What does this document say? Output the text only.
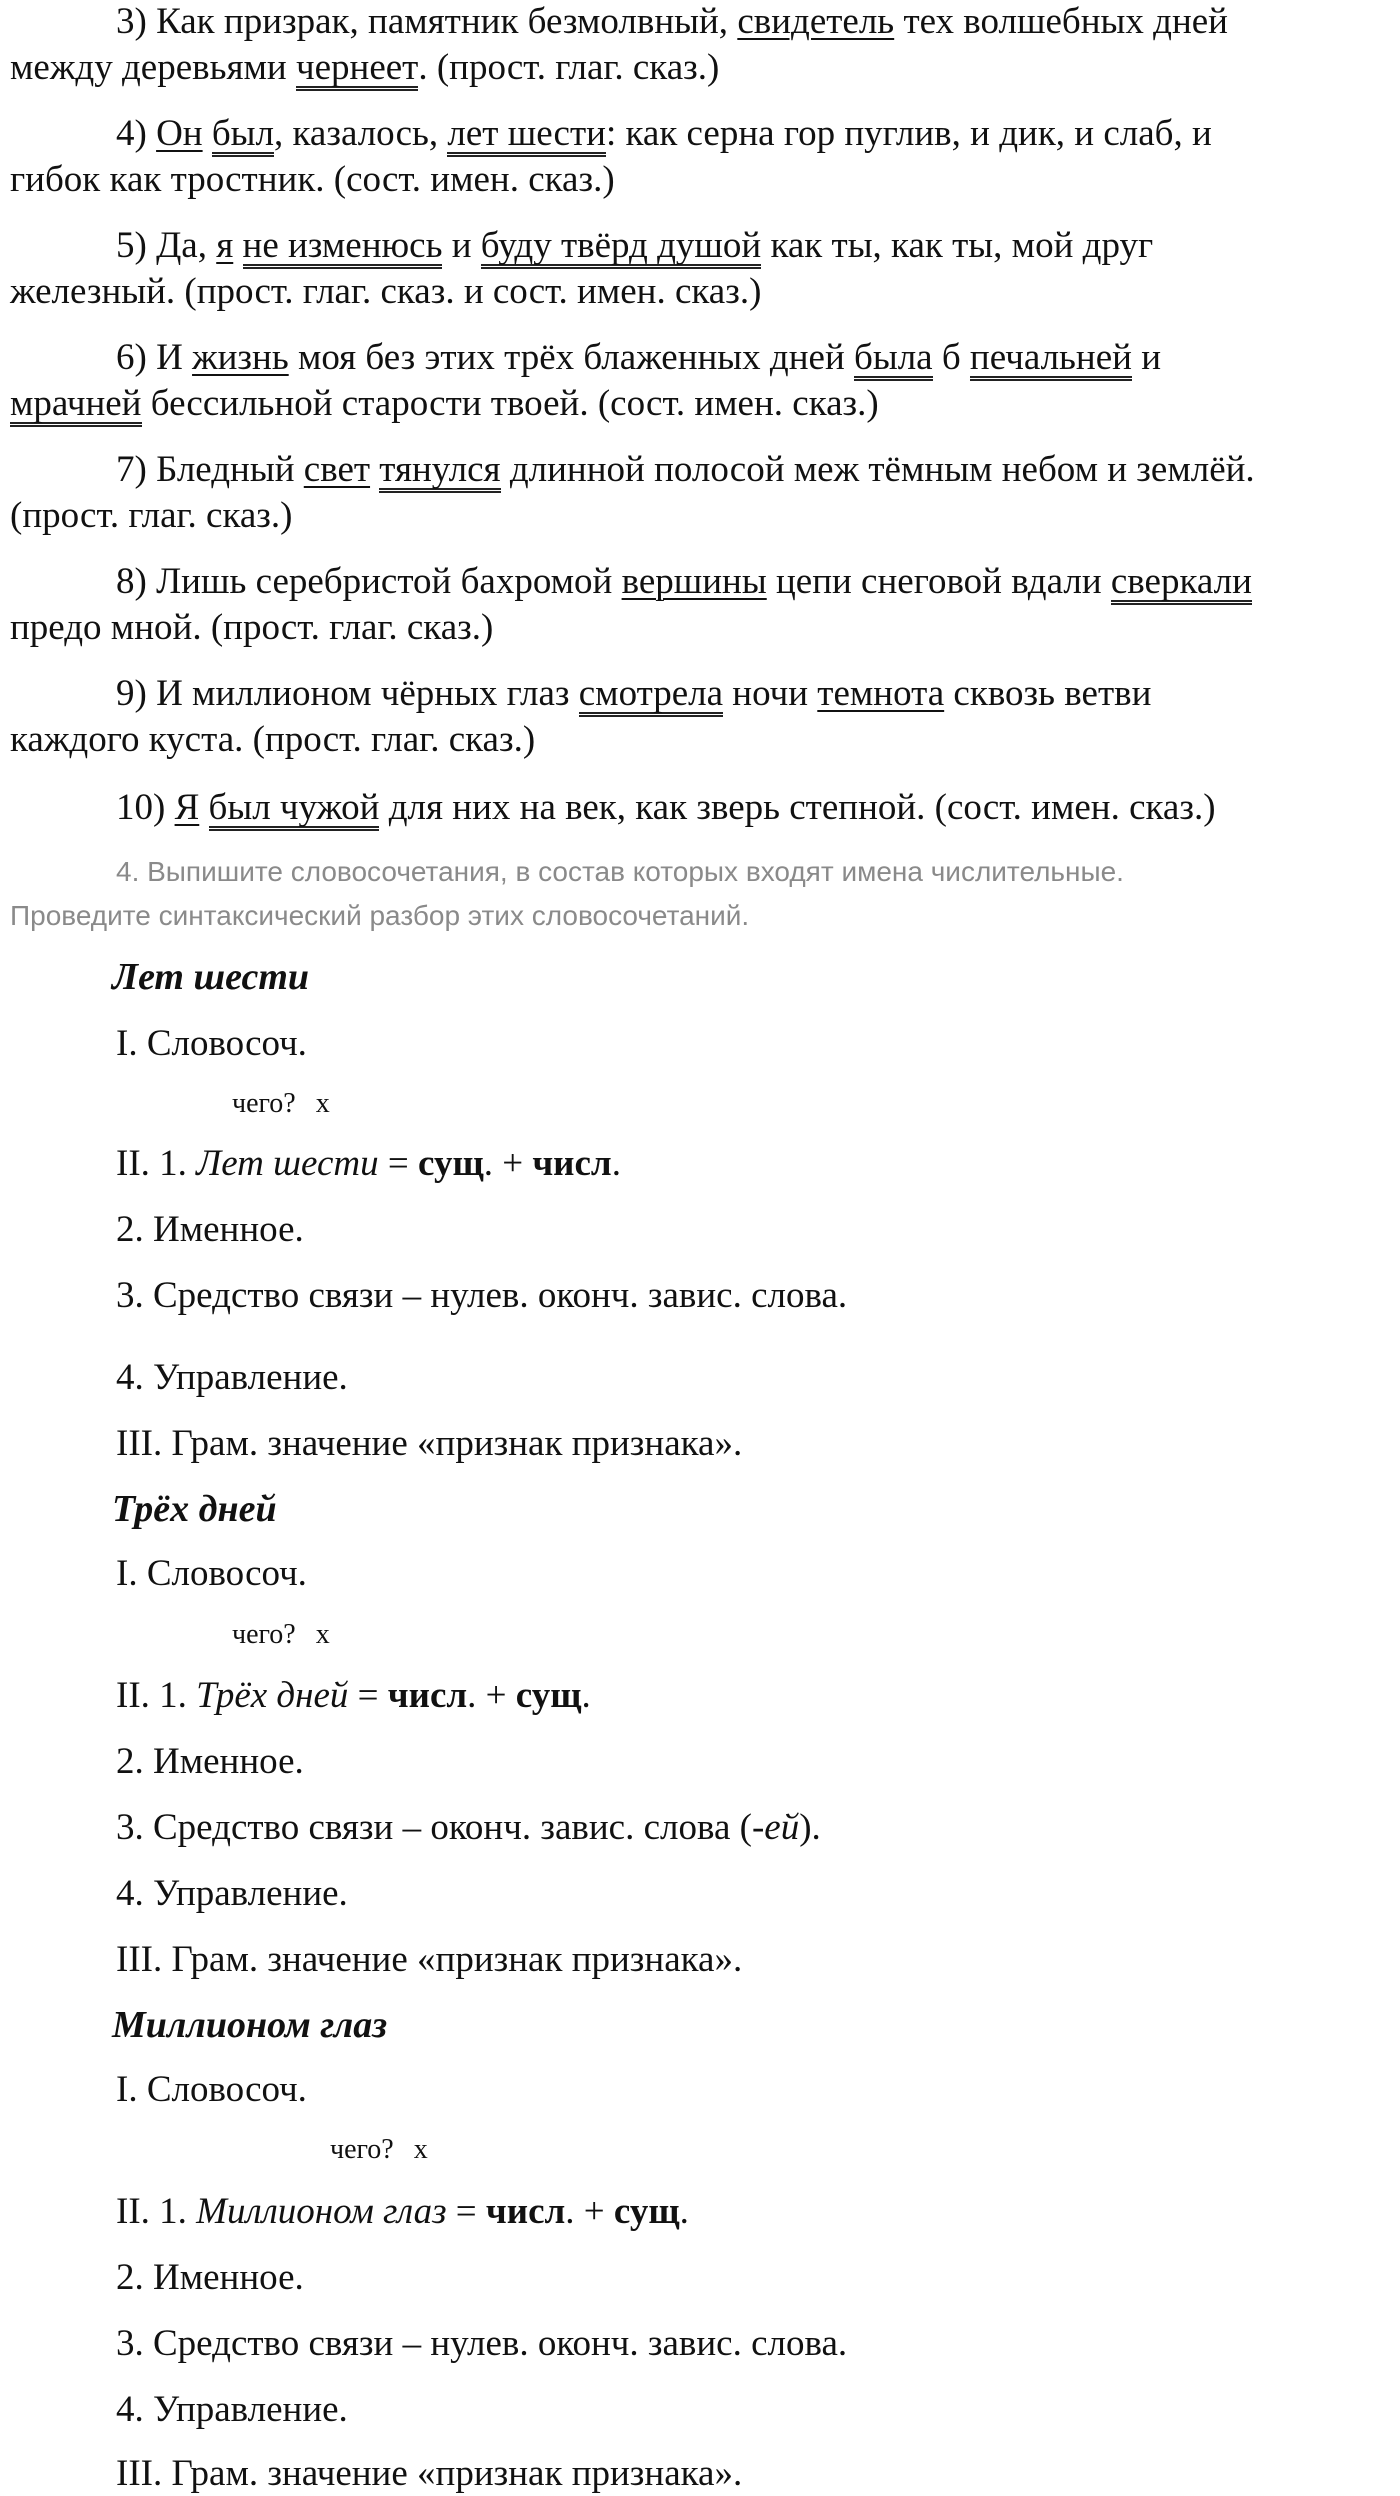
3) Как призрак, памятник безмолвный, свидетель тех волшебных дней
между деревьями чернеет. (прост. глаг. сказ.)
4) Он был, казалось, лет шести: как серна гор пуглив, и дик, и слаб, и
гибок как тростник. (сост. имен. сказ.)
5) Да, я не изменюсь и буду твёрд душой как ты, как ты, мой друг
железный. (прост. глаг. сказ. и сост. имен. сказ.)
6) И жизнь моя без этих трёх блаженных дней была б печальней и
мрачней бессильной старости твоей. (сост. имен. сказ.)
7) Бледный свет тянулся длинной полосой меж тёмным небом и землёй.
(прост. глаг. сказ.)
8) Лишь серебристой бахромой вершины цепи снеговой вдали сверкали
предо мной. (прост. глаг. сказ.)
9) И миллионом чёрных глаз смотрела ночи темнота сквозь ветви
каждого куста. (прост. глаг. сказ.)
10) Я был чужой для них на век, как зверь степной. (сост. имен. сказ.)
4. Выпишите словосочетания, в состав которых входят имена числительные.
Проведите синтаксический разбор этих словосочетаний.
Лет шести
I. Словосоч.
чего? х
II. 1. Лет шести = сущ. + числ.
2. Именное.
3. Средство связи – нулев. оконч. завис. слова.
4. Управление.
III. Грам. значение «признак признака».
Трёх дней
I. Словосоч.
чего? х
II. 1. Трёх дней = числ. + сущ.
2. Именное.
3. Средство связи – оконч. завис. слова (-ей).
4. Управление.
III. Грам. значение «признак признака».
Миллионом глаз
I. Словосоч.
чего? х
II. 1. Миллионом глаз = числ. + сущ.
2. Именное.
3. Средство связи – нулев. оконч. завис. слова.
4. Управление.
III. Грам. значение «признак признака».
